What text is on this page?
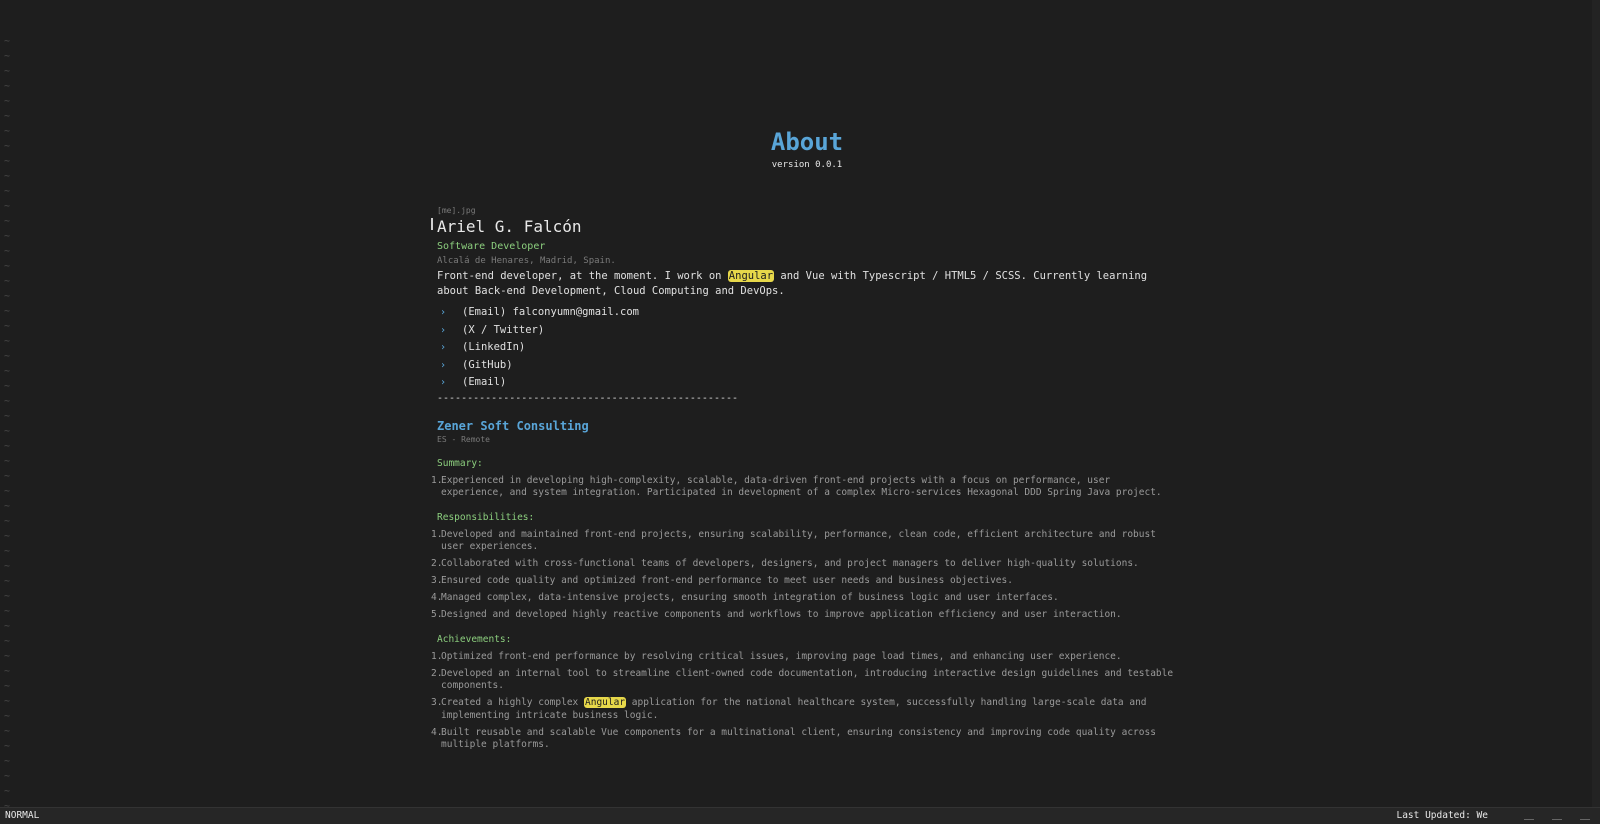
~
~
~
~
~
~
~
~
~
~
~
~
~
~
~
~
~
~
~
~
~
~
~
~
~
~
~
~
~
~
~
~
~
~
~
~
~
~
~
~
~
~
~
~
~
~
~
~
~
~
~
About
version 0.0.1
[me].jpg
Ariel G. Falcón
Software Developer
Alcalá de Henares, Madrid, Spain.
Front-end developer, at the moment. I work on Angular and Vue with Typescript / HTML5 / SCSS. Currently learning about Back-end Development, Cloud Computing and DevOps.
›	(Email) falconyumn@gmail.com
›	(X / Twitter)
›	(LinkedIn)
›	(GitHub)
›	(Email)
--------------------------------------------------
Zener Soft Consulting
ES - Remote
Summary:
1.
Experienced in developing high-complexity, scalable, data-driven front-end projects with a focus on performance, user experience, and system integration. Participated in development of a complex Micro-services Hexagonal DDD Spring Java project.
Responsibilities:
1.
Developed and maintained front-end projects, ensuring scalability, performance, clean code, efficient architecture and robust user experiences.
2.
Collaborated with cross-functional teams of developers, designers, and project managers to deliver high-quality solutions.
3.
Ensured code quality and optimized front-end performance to meet user needs and business objectives.
4.
Managed complex, data-intensive projects, ensuring smooth integration of business logic and user interfaces.
5.
Designed and developed highly reactive components and workflows to improve application efficiency and user interaction.
Achievements:
1.
Optimized front-end performance by resolving critical issues, improving page load times, and enhancing user experience.
2.
Developed an internal tool to streamline client-owned code documentation, introducing interactive design guidelines and testable components.
3.
Created a highly complex Angular application for the national healthcare system, successfully handling large-scale data and implementing intricate business logic.
4.
Built reusable and scalable Vue components for a multinational client, ensuring consistency and improving code quality across multiple platforms.
NORMAL	Last Updated: We
